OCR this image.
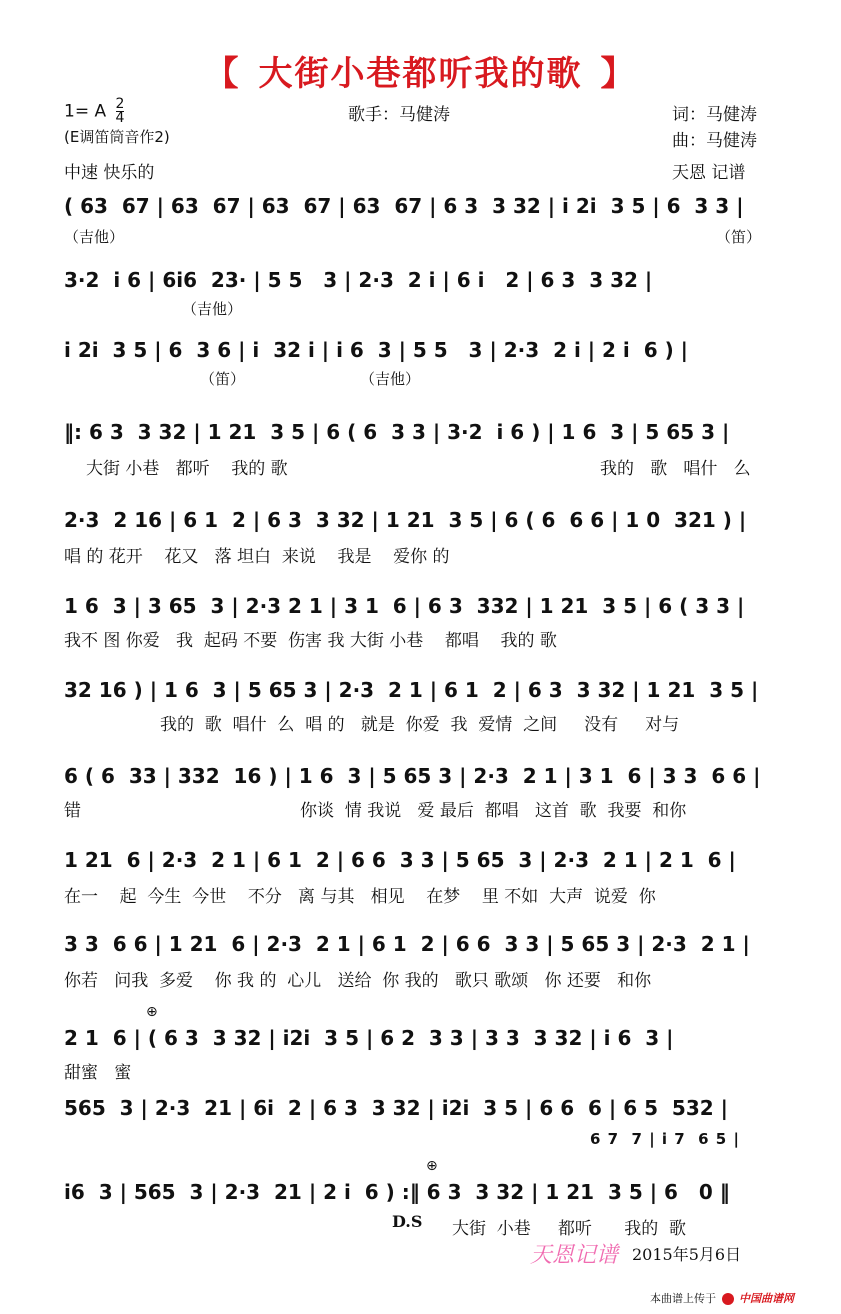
【 大街小巷都听我的歌 】
1= A $\frac{2}{4}$	歌手：马健涛	词：马健涛
(E调笛筒音作2)	曲：马健涛
中速 快乐的	天恩 记谱
( 63  67 | 63  67 | 63  67 | 63  67 | 6 3  3 32 | i 2i  3 5 | 6  3 3 |
（吉他）	（笛）
3·2  i 6 | 6i6  23· | 5 5   3 | 2·3  2 i | 6 i   2 | 6 3  3 32 |
（吉他）
i 2i  3 5 | 6  3 6 | i  32 i | i 6  3 | 5 5   3 | 2·3  2 i | 2 i  6 ) |
（笛）	（吉他）
‖: 6 3  3 32 | 1 21  3 5 | 6 ( 6  3 3 | 3·2  i 6 ) | 1 6  3 | 5 65 3 |
大街 小巷   都听    我的 歌	我的   歌   唱什   么
2·3  2 16 | 6 1  2 | 6 3  3 32 | 1 21  3 5 | 6 ( 6  6 6 | 1 0  321 ) |
唱 的 花开    花又   落 坦白  来说    我是    爱你 的
1 6  3 | 3 65  3 | 2·3 2 1 | 3 1  6 | 6 3  332 | 1 21  3 5 | 6 ( 3 3 |
我不 图 你爱   我  起码 不要  伤害 我 大街 小巷    都唱    我的 歌
32 16 ) | 1 6  3 | 5 65 3 | 2·3  2 1 | 6 1  2 | 6 3  3 32 | 1 21  3 5 |
我的  歌  唱什  么  唱 的   就是  你爱  我  爱情  之间     没有     对与
6 ( 6  33 | 332  16 ) | 1 6  3 | 5 65 3 | 2·3  2 1 | 3 1  6 | 3 3  6 6 |
错	你谈  情 我说   爱 最后  都唱   这首  歌  我要  和你
1 21  6 | 2·3  2 1 | 6 1  2 | 6 6  3 3 | 5 65  3 | 2·3  2 1 | 2 1  6 |
在一    起  今生  今世    不分   离 与其   相见    在梦    里 不如  大声  说爱  你
3 3  6 6 | 1 21  6 | 2·3  2 1 | 6 1  2 | 6 6  3 3 | 5 65 3 | 2·3  2 1 |
你若   问我  多爱    你 我 的  心儿   送给  你 我的   歌只 歌颂   你 还要   和你
⊕
2 1  6 | ( 6 3  3 32 | i2i  3 5 | 6 2  3 3 | 3 3  3 32 | i 6  3 |
甜蜜   蜜
565  3 | 2·3  21 | 6i  2 | 6 3  3 32 | i2i  3 5 | 6 6  6 | 6 5  532 |
6 7  7 | i 7  6 5 |
⊕
i6  3 | 565  3 | 2·3  21 | 2 i  6 ) :‖ 6 3  3 32 | 1 21  3 5 | 6   0 ‖
D.S 大街  小巷     都听      我的  歌
天恩记谱 2015年5月6日
本曲谱上传于 中国曲谱网
